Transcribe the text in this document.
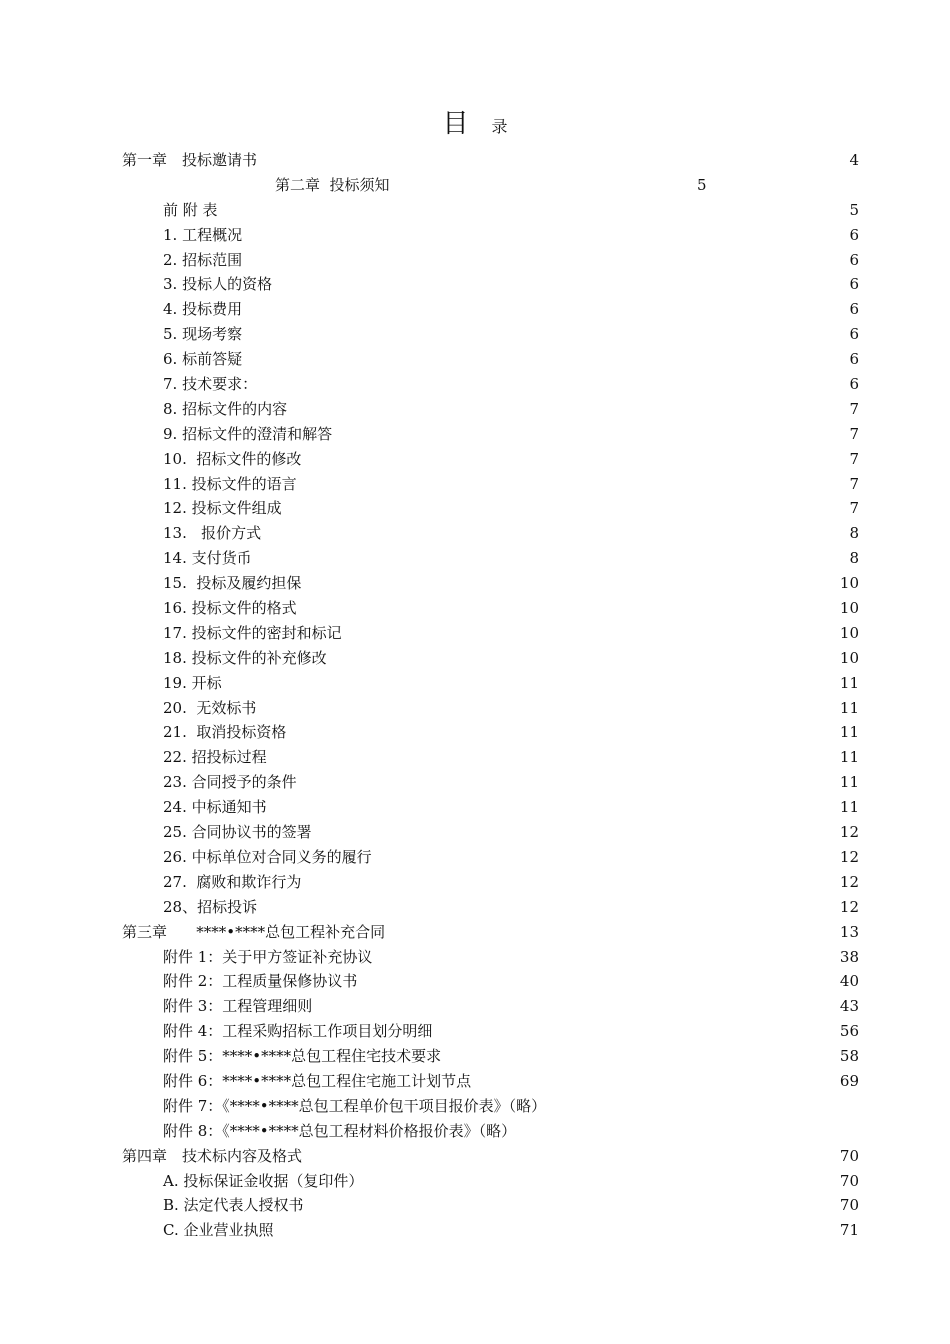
目 录
第一章　投标邀请书	4
第二章  投标须知	5
前 附 表	5
1. 工程概况	6
2. 招标范围	6
3. 投标人的资格	6
4. 投标费用	6
5. 现场考察	6
6. 标前答疑	6
7. 技术要求：	6
8. 招标文件的内容	7
9. 招标文件的澄清和解答	7
10.  招标文件的修改	7
11. 投标文件的语言	7
12. 投标文件组成	7
13.   报价方式	8
14. 支付货币	8
15.  投标及履约担保	10
16. 投标文件的格式	10
17. 投标文件的密封和标记	10
18. 投标文件的补充修改	10
19. 开标	11
20.  无效标书	11
21.  取消投标资格	11
22. 招投标过程	11
23. 合同授予的条件	11
24. 中标通知书	11
25. 合同协议书的签署	12
26. 中标单位对合同义务的履行	12
27.  腐败和欺诈行为	12
28、招标投诉	12
第三章　   ****•****总包工程补充合同	13
附件 1：关于甲方签证补充协议	38
附件 2：工程质量保修协议书	40
附件 3：工程管理细则	43
附件 4：工程采购招标工作项目划分明细	56
附件 5：****•****总包工程住宅技术要求	58
附件 6：****•****总包工程住宅施工计划节点	69
附件 7：《****•****总包工程单价包干项目报价表》（略）
附件 8：《****•****总包工程材料价格报价表》（略）
第四章　技术标内容及格式	70
A. 投标保证金收据（复印件）	70
B. 法定代表人授权书	70
C. 企业营业执照	71
